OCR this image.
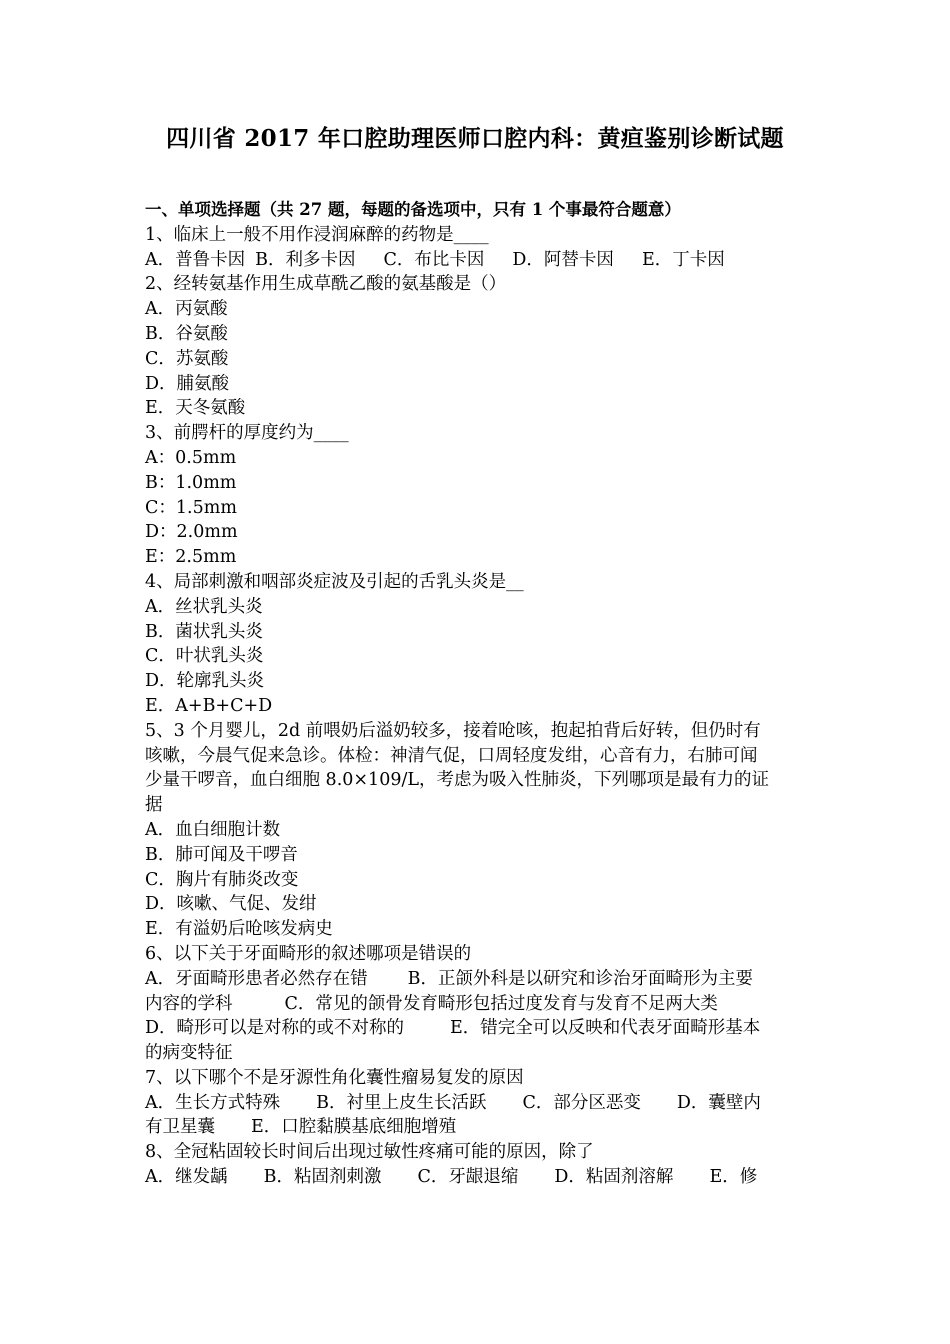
四川省 2017 年口腔助理医师口腔内科：黄疸鉴别诊断试题
一、单项选择题（共 27 题，每题的备选项中，只有 1 个事最符合题意）
1、临床上一般不用作浸润麻醉的药物是____
A．普鲁卡因 B．利多卡因 C．布比卡因 D．阿替卡因 E．丁卡因
2、经转氨基作用生成草酰乙酸的氨基酸是（）
A．丙氨酸
B．谷氨酸
C．苏氨酸
D．脯氨酸
E．天冬氨酸
3、前腭杆的厚度约为____
A：0.5mm
B：1.0mm
C：1.5mm
D：2.0mm
E：2.5mm
4、局部刺激和咽部炎症波及引起的舌乳头炎是__
A．丝状乳头炎
B．菌状乳头炎
C．叶状乳头炎
D．轮廓乳头炎
E．A+B+C+D
5、3 个月婴儿，2d 前喂奶后溢奶较多，接着呛咳，抱起拍背后好转，但仍时有
咳嗽，今晨气促来急诊。体检：神清气促，口周轻度发绀，心音有力，右肺可闻
少量干啰音，血白细胞 8.0×109/L，考虑为吸入性肺炎，下列哪项是最有力的证
据
A．血白细胞计数
B．肺可闻及干啰音
C．胸片有肺炎改变
D．咳嗽、气促、发绀
E．有溢奶后呛咳发病史
6、以下关于牙面畸形的叙述哪项是错误的
A．牙面畸形患者必然存在错 B．正颌外科是以研究和诊治牙面畸形为主要
内容的学科	C．常见的颌骨发育畸形包括过度发育与发育不足两大类
D．畸形可以是对称的或不对称的	E．错完全可以反映和代表牙面畸形基本
的病变特征
7、以下哪个不是牙源性角化囊性瘤易复发的原因
A．生长方式特殊 B．衬里上皮生长活跃 C．部分区恶变 D．囊壁内
有卫星囊 E．口腔黏膜基底细胞增殖
8、全冠粘固较长时间后出现过敏性疼痛可能的原因，除了
A．继发龋 B．粘固剂刺激 C．牙龈退缩 D．粘固剂溶解 E．修
